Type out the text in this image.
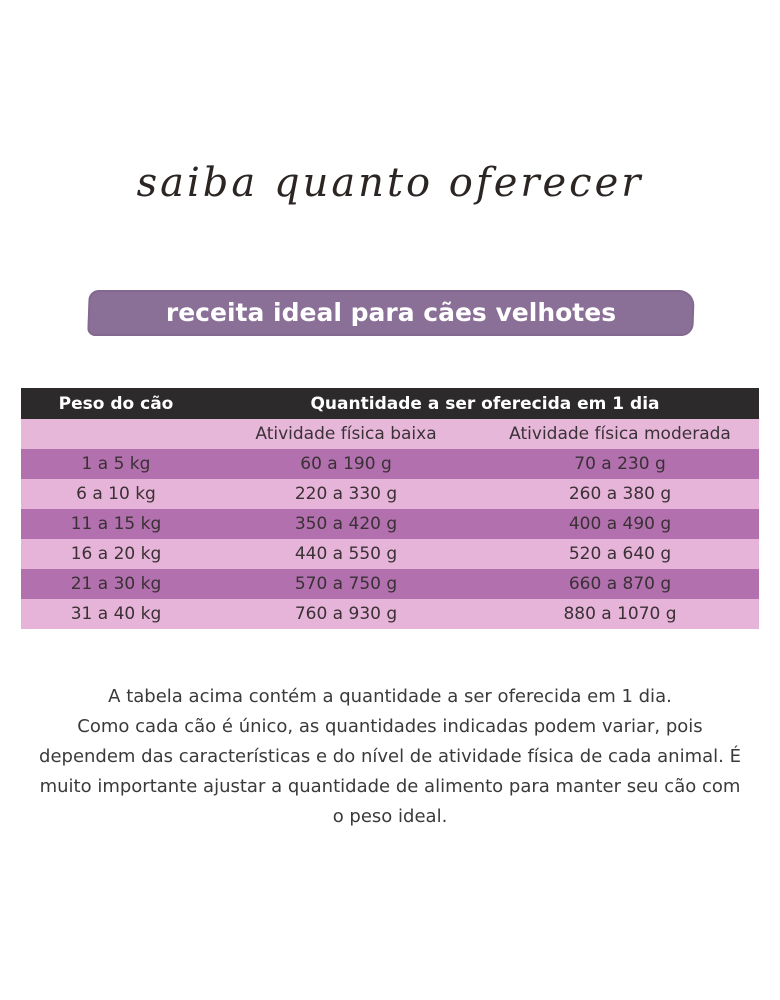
saiba quanto oferecer
receita ideal para cães velhotes
Peso do cão	Quantidade a ser oferecida em 1 dia	
	Atividade física baixa	Atividade física moderada
1 a 5 kg	60 a 190 g	70 a 230 g
6 a 10 kg	220 a 330 g	260 a 380 g
11 a 15 kg	350 a 420 g	400 a 490 g
16 a 20 kg	440 a 550 g	520 a 640 g
21 a 30 kg	570 a 750 g	660 a 870 g
31 a 40 kg	760 a 930 g	880 a 1070 g
A tabela acima contém a quantidade a ser oferecida em 1 dia.
Como cada cão é único, as quantidades indicadas podem variar, pois
dependem das características e do nível de atividade física de cada animal. É
muito importante ajustar a quantidade de alimento para manter seu cão com
o peso ideal.
